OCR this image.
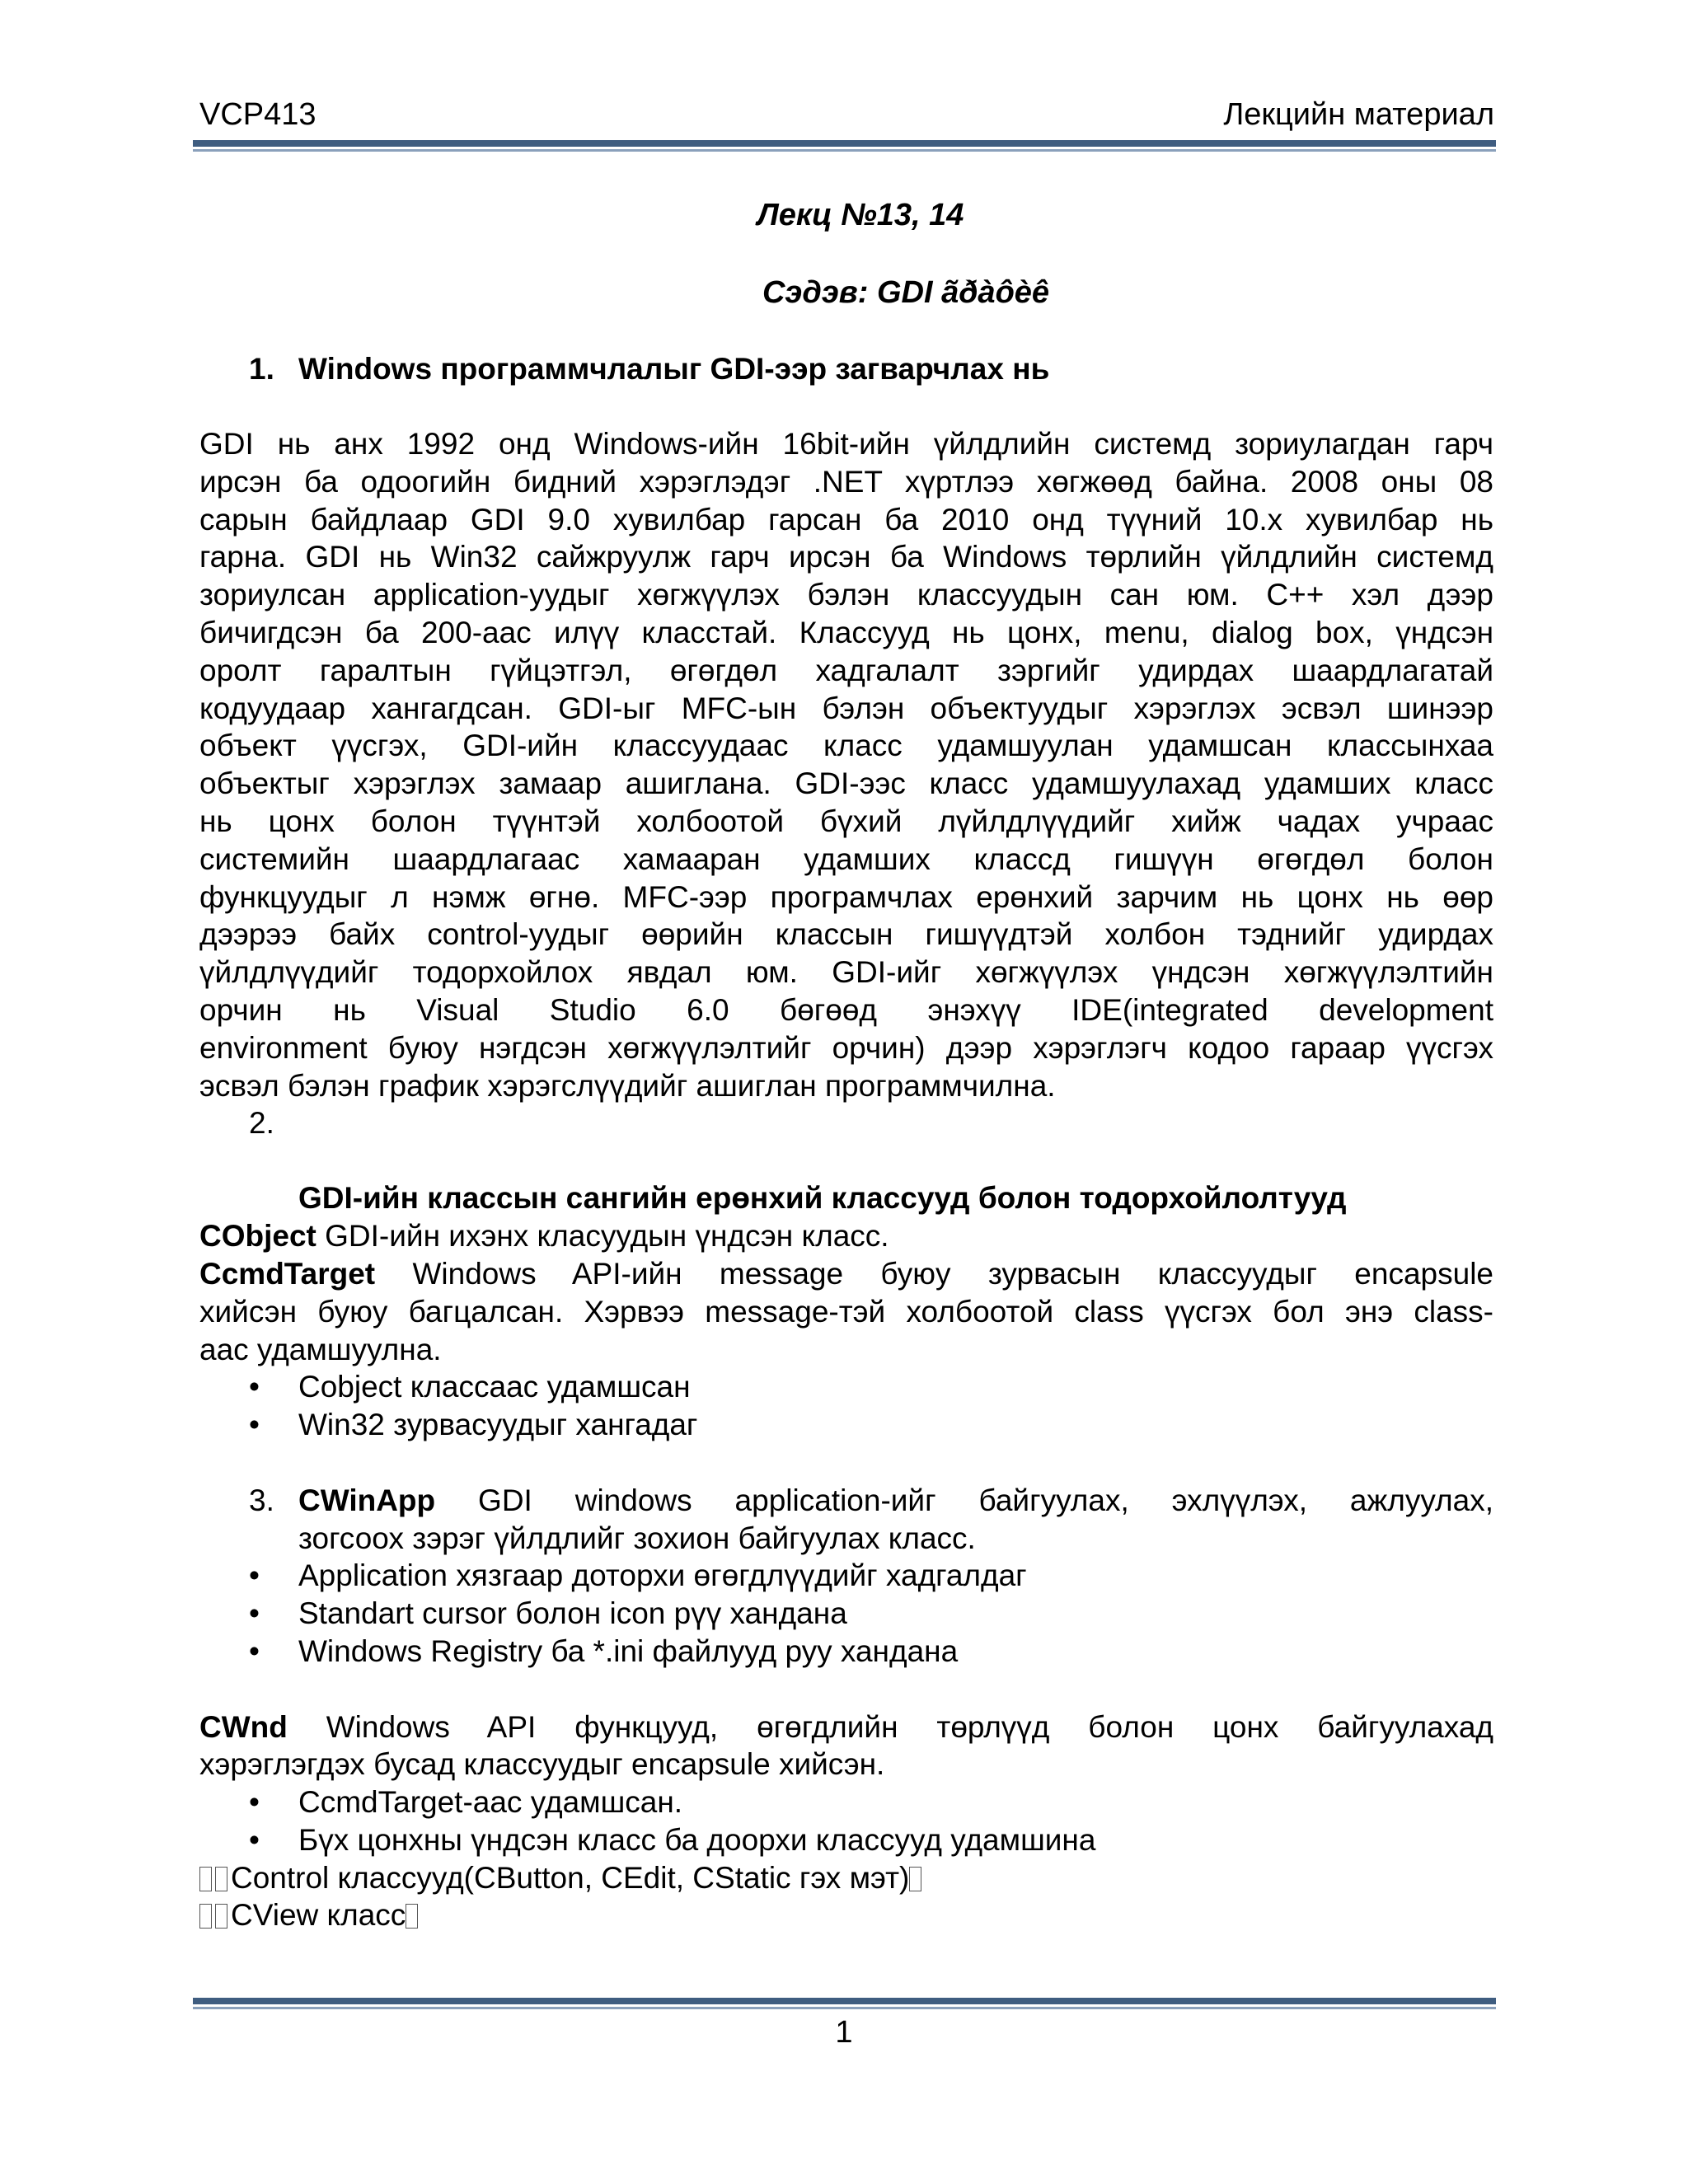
VCP413	Лекцийн материал
Лекц №13, 14
Сэдэв: GDI ãðàôèê
1. Windows программчлалыг GDI-ээр загварчлах нь
GDI нь анх 1992 онд Windows-ийн 16bit-ийн үйлдлийн системд зориулагдан гарч
ирсэн ба одоогийн бидний хэрэглэдэг .NET хүртлээ хөгжөөд байна. 2008 оны 08
сарын байдлаар GDI 9.0 хувилбар гарсан ба 2010 онд түүний 10.x хувилбар нь
гарна. GDI нь Win32 сайжруулж гарч ирсэн ба Windows төрлийн үйлдлийн системд
зориулсан application-уудыг хөгжүүлэх бэлэн классуудын сан юм. C++ хэл дээр
бичигдсэн ба 200-аас илүү класстай. Классууд нь цонх, menu, dialog box, үндсэн
оролт гаралтын гүйцэтгэл, өгөгдөл хадгалалт зэргийг удирдах шаардлагатай
кодуудаар хангагдсан. GDI-ыг MFC-ын бэлэн объектуудыг хэрэглэх эсвэл шинээр
объект үүсгэх, GDI-ийн классуудаас класс удамшуулан удамшсан классынхаа
объектыг хэрэглэх замаар ашиглана. GDI-ээс класс удамшуулахад удамших класс
нь цонх болон түүнтэй холбоотой бүхий лүйлдлүүдийг хийж чадах учраас
системийн шаардлагаас хамааран удамших классд гишүүн өгөгдөл болон
функцуудыг л нэмж өгнө. MFC-ээр програмчлах ерөнхий зарчим нь цонх нь өөр
дээрээ байх control-уудыг өөрийн классын гишүүдтэй холбон тэднийг удирдах
үйлдлүүдийг тодорхойлох явдал юм. GDI-ийг хөгжүүлэх үндсэн хөгжүүлэлтийн
орчин нь Visual Studio 6.0 бөгөөд энэхүү IDE(integrated development
environment буюу нэгдсэн хөгжүүлэлтийг орчин) дээр хэрэглэгч кодоо гараар үүсгэх
эсвэл бэлэн график хэрэгслүүдийг ашиглан программчилна.
2.
GDI-ийн классын сангийн ерөнхий классууд болон тодорхойлолтууд
CObject GDI-ийн ихэнх класуудын үндсэн класс.
CcmdTarget Windows API-ийн message буюу зурвасын классуудыг encapsule
хийсэн буюу багцалсан. Хэрвээ message-тэй холбоотой class үүсгэх бол энэ class-
аас удамшуулна.
• Cobject классаас удамшсан
• Win32 зурвасуудыг хангадаг
3. CWinApp GDI windows application-ийг байгуулах, эхлүүлэх, ажлуулах,
зогсоох зэрэг үйлдлийг зохион байгуулах класс.
• Application хязгаар доторхи өгөгдлүүдийг хадгалдаг
• Standart cursor болон icon рүү хандана
• Windows Registry ба *.ini файлууд руу хандана
CWnd Windows API функцууд, өгөгдлийн төрлүүд болон цонх байгуулахад
хэрэглэгдэх бусад классуудыг encapsule хийсэн.
• CcmdTarget-аас удамшсан.
• Бүх цонхны үндсэн класс ба доорхи классууд удамшина
Control классууд(CButton, CEdit, CStatic гэх мэт)
CView класс
1
